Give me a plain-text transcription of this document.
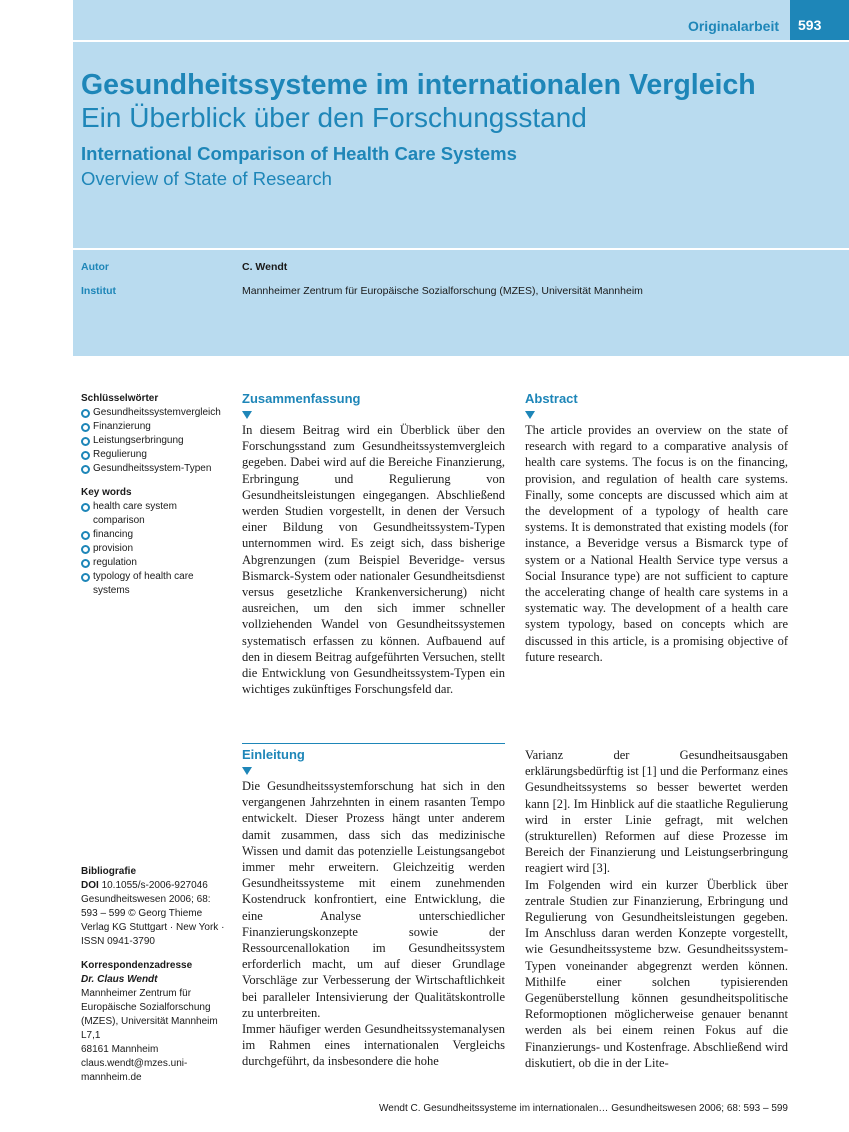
Originalarbeit 593
Gesundheitssysteme im internationalen Vergleich
Ein Überblick über den Forschungsstand
International Comparison of Health Care Systems
Overview of State of Research
Autor	C. Wendt
Institut	Mannheimer Zentrum für Europäische Sozialforschung (MZES), Universität Mannheim

Schlüsselwörter

Gesundheitssystemvergleich
Finanzierung
Leistungserbringung
Regulierung
Gesundheitssystem-Typen

Key words

health care system comparison
financing
provision
regulation
typology of health care systems

Bibliografie

DOI 10.1055/s-2006-927046

Gesundheitswesen 2006; 68:

593 – 599 © Georg Thieme

Verlag KG Stuttgart · New York ·

ISSN 0941-3790

Korrespondenzadresse

Dr. Claus Wendt

Mannheimer Zentrum für

Europäische Sozialforschung

(MZES), Universität Mannheim

L7,1

68161 Mannheim

claus.wendt@mzes.uni-

mannheim.de

Zusammenfassung
In diesem Beitrag wird ein Überblick über den Forschungsstand zum Gesundheitssystemvergleich gegeben. Dabei wird auf die Bereiche Finanzierung, Erbringung und Regulierung von Gesundheitsleistungen eingegangen. Abschließend werden Studien vorgestellt, in denen der Versuch einer Bildung von Gesundheitssystem-Typen unternommen wird. Es zeigt sich, dass bisherige Abgrenzungen (zum Beispiel Beveridge- versus Bismarck-System oder nationaler Gesundheitsdienst versus gesetzliche Krankenversicherung) nicht ausreichen, um den sich immer schneller vollziehenden Wandel von Gesundheitssystemen systematisch erfassen zu können. Aufbauend auf den in diesem Beitrag aufgeführten Versuchen, stellt die Entwicklung von Gesundheitssystem-Typen ein wichtiges zukünftiges Forschungsfeld dar.
Abstract
The article provides an overview on the state of research with regard to a comparative analysis of health care systems. The focus is on the financing, provision, and regulation of health care systems. Finally, some concepts are discussed which aim at the development of a typology of health care systems. It is demonstrated that existing models (for instance, a Beveridge versus a Bismarck type of system or a National Health Service type versus a Social Insurance type) are not sufficient to capture the accelerating change of health care systems in a systematic way. The development of a health care system typology, based on concepts which are discussed in this article, is a promising objective of future research.
Einleitung
Die Gesundheitssystemforschung hat sich in den vergangenen Jahrzehnten in einem rasanten Tempo entwickelt. Dieser Prozess hängt unter anderem damit zusammen, dass sich das medizinische Wissen und damit das potenzielle Leistungsangebot immer mehr erweitern. Gleichzeitig werden Gesundheitssysteme mit einem zunehmenden Kostendruck konfrontiert, eine Entwicklung, die eine Analyse unterschiedlicher Finanzierungskonzepte sowie der Ressourcenallokation im Gesundheitssystem erforderlich macht, um auf dieser Grundlage Vorschläge zur Verbesserung der Wirtschaftlichkeit bei paralleler Intensivierung der Qualitätskontrolle zu unterbreiten.
Immer häufiger werden Gesundheitssystemanalysen im Rahmen eines internationalen Vergleichs durchgeführt, da insbesondere die hohe
Varianz der Gesundheitsausgaben erklärungsbedürftig ist [1] und die Performanz eines Gesundheitssystems so besser bewertet werden kann [2]. Im Hinblick auf die staatliche Regulierung wird in erster Linie gefragt, mit welchen (strukturellen) Reformen auf diese Prozesse im Bereich der Finanzierung und Leistungserbringung reagiert wird [3].
Im Folgenden wird ein kurzer Überblick über zentrale Studien zur Finanzierung, Erbringung und Regulierung von Gesundheitsleistungen gegeben. Im Anschluss daran werden Konzepte vorgestellt, wie Gesundheitssysteme bzw. Gesundheitssystem-Typen voneinander abgegrenzt werden können. Mithilfe einer solchen typisierenden Gegenüberstellung können gesundheitspolitische Reformoptionen möglicherweise genauer benannt werden als bei einem reinen Fokus auf die Finanzierungs- und Kostenfrage. Abschließend wird diskutiert, ob die in der Lite-
Wendt C. Gesundheitssysteme im internationalen… Gesundheitswesen 2006; 68: 593 – 599
